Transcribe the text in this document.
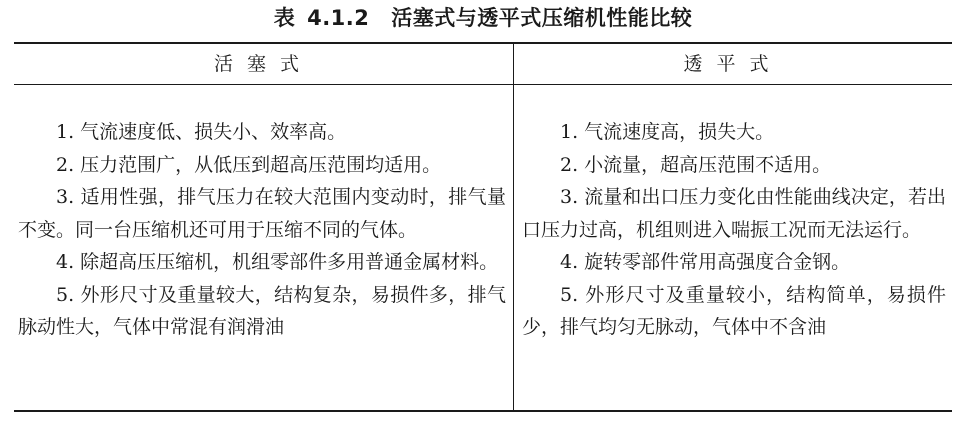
表 4.1.2 活塞式与透平式压缩机性能比较
活塞式	透平式

1. 气流速度低、损失小、效率高。

2. 压力范围广，从低压到超高压范围均适用。

3. 适用性强，排气压力在较大范围内变动时，排气量不变。同一台压缩机还可用于压缩不同的气体。

4. 除超高压压缩机，机组零部件多用普通金属材料。

5. 外形尺寸及重量较大，结构复杂，易损件多，排气脉动性大，气体中常混有润滑油

1. 气流速度高，损失大。

2. 小流量，超高压范围不适用。

3. 流量和出口压力变化由性能曲线决定，若出口压力过高，机组则进入喘振工况而无法运行。

4. 旋转零部件常用高强度合金钢。

5. 外形尺寸及重量较小，结构简单，易损件少，排气均匀无脉动，气体中不含油
